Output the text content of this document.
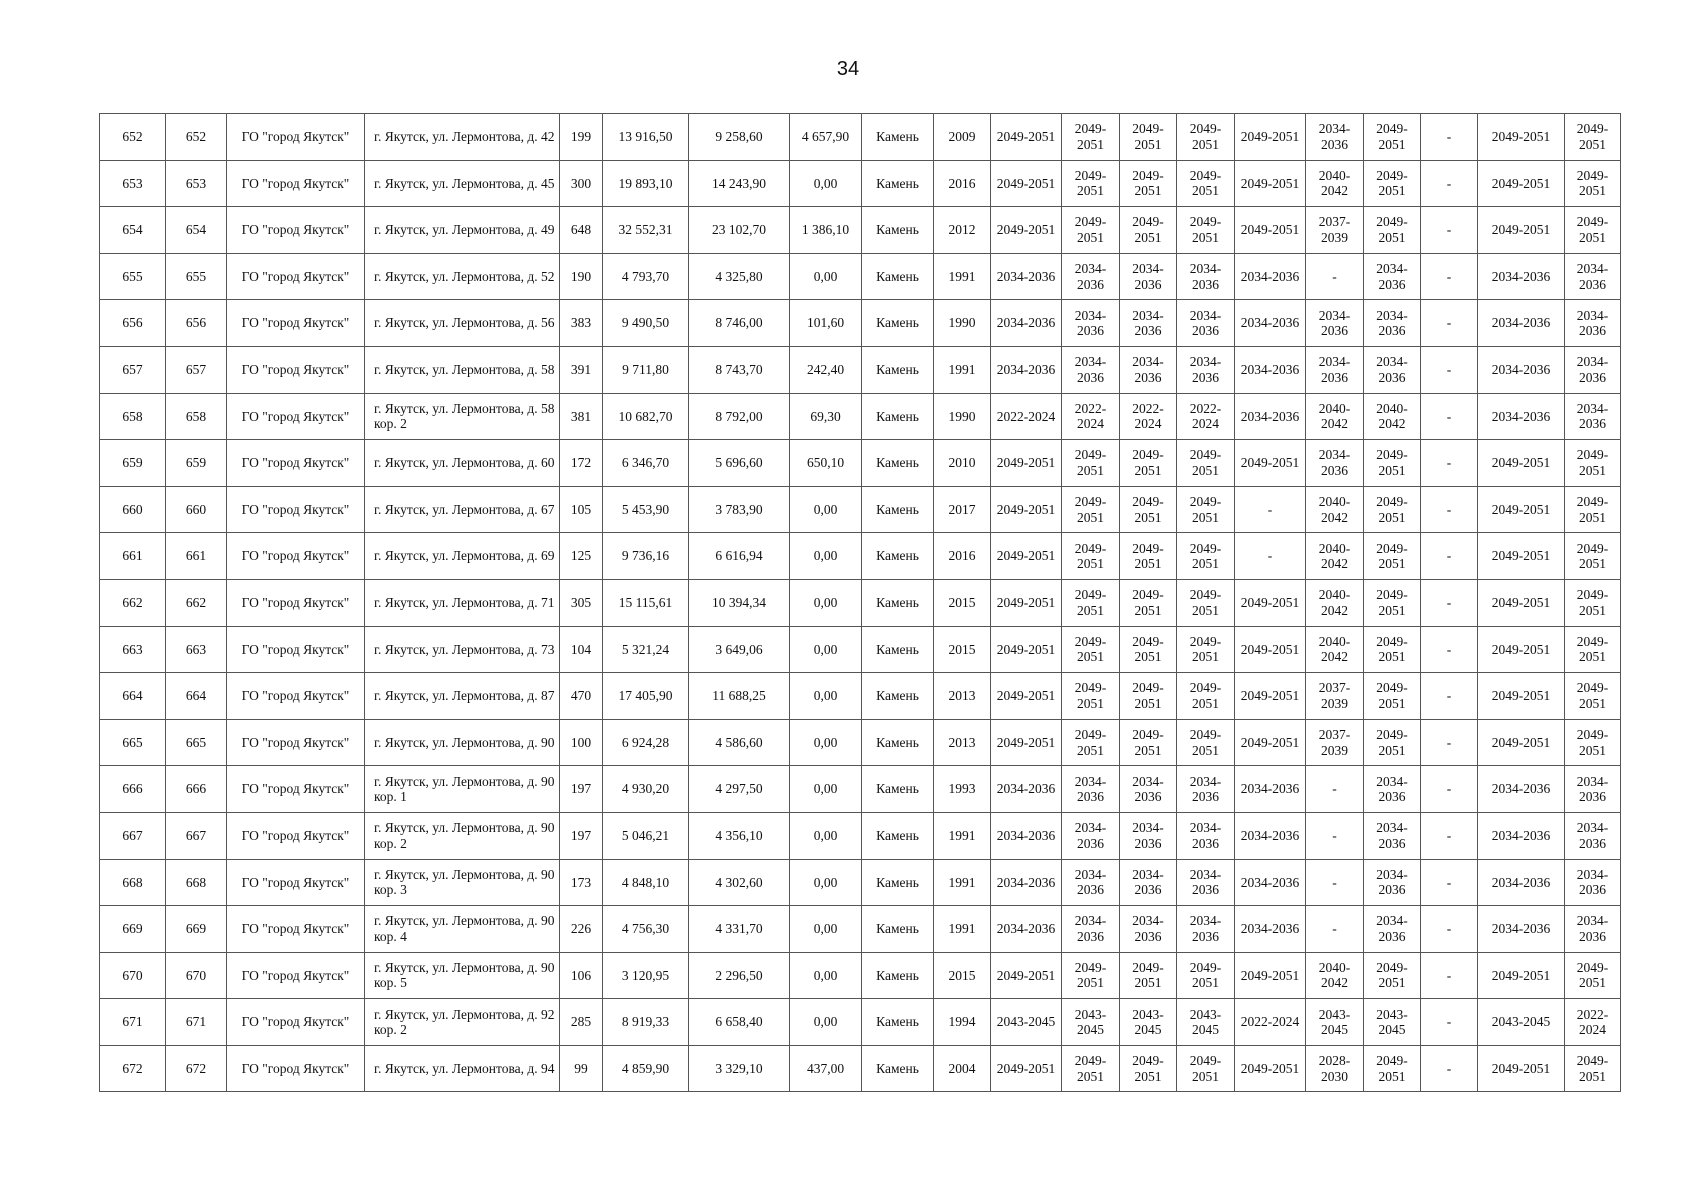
34
652	652	ГО "город Якутск"	г. Якутск, ул. Лермонтова, д. 42	199	13 916,50	9 258,60	4 657,90	Камень	2009	2049-2051	2049-2051	2049-2051	2049-2051	2049-2051	2034-2036	2049-2051	-	2049-2051	2049-2051
653	653	ГО "город Якутск"	г. Якутск, ул. Лермонтова, д. 45	300	19 893,10	14 243,90	0,00	Камень	2016	2049-2051	2049-2051	2049-2051	2049-2051	2049-2051	2040-2042	2049-2051	-	2049-2051	2049-2051
654	654	ГО "город Якутск"	г. Якутск, ул. Лермонтова, д. 49	648	32 552,31	23 102,70	1 386,10	Камень	2012	2049-2051	2049-2051	2049-2051	2049-2051	2049-2051	2037-2039	2049-2051	-	2049-2051	2049-2051
655	655	ГО "город Якутск"	г. Якутск, ул. Лермонтова, д. 52	190	4 793,70	4 325,80	0,00	Камень	1991	2034-2036	2034-2036	2034-2036	2034-2036	2034-2036	-	2034-2036	-	2034-2036	2034-2036
656	656	ГО "город Якутск"	г. Якутск, ул. Лермонтова, д. 56	383	9 490,50	8 746,00	101,60	Камень	1990	2034-2036	2034-2036	2034-2036	2034-2036	2034-2036	2034-2036	2034-2036	-	2034-2036	2034-2036
657	657	ГО "город Якутск"	г. Якутск, ул. Лермонтова, д. 58	391	9 711,80	8 743,70	242,40	Камень	1991	2034-2036	2034-2036	2034-2036	2034-2036	2034-2036	2034-2036	2034-2036	-	2034-2036	2034-2036
658	658	ГО "город Якутск"	г. Якутск, ул. Лермонтова, д. 58 кор. 2	381	10 682,70	8 792,00	69,30	Камень	1990	2022-2024	2022-2024	2022-2024	2022-2024	2034-2036	2040-2042	2040-2042	-	2034-2036	2034-2036
659	659	ГО "город Якутск"	г. Якутск, ул. Лермонтова, д. 60	172	6 346,70	5 696,60	650,10	Камень	2010	2049-2051	2049-2051	2049-2051	2049-2051	2049-2051	2034-2036	2049-2051	-	2049-2051	2049-2051
660	660	ГО "город Якутск"	г. Якутск, ул. Лермонтова, д. 67	105	5 453,90	3 783,90	0,00	Камень	2017	2049-2051	2049-2051	2049-2051	2049-2051	-	2040-2042	2049-2051	-	2049-2051	2049-2051
661	661	ГО "город Якутск"	г. Якутск, ул. Лермонтова, д. 69	125	9 736,16	6 616,94	0,00	Камень	2016	2049-2051	2049-2051	2049-2051	2049-2051	-	2040-2042	2049-2051	-	2049-2051	2049-2051
662	662	ГО "город Якутск"	г. Якутск, ул. Лермонтова, д. 71	305	15 115,61	10 394,34	0,00	Камень	2015	2049-2051	2049-2051	2049-2051	2049-2051	2049-2051	2040-2042	2049-2051	-	2049-2051	2049-2051
663	663	ГО "город Якутск"	г. Якутск, ул. Лермонтова, д. 73	104	5 321,24	3 649,06	0,00	Камень	2015	2049-2051	2049-2051	2049-2051	2049-2051	2049-2051	2040-2042	2049-2051	-	2049-2051	2049-2051
664	664	ГО "город Якутск"	г. Якутск, ул. Лермонтова, д. 87	470	17 405,90	11 688,25	0,00	Камень	2013	2049-2051	2049-2051	2049-2051	2049-2051	2049-2051	2037-2039	2049-2051	-	2049-2051	2049-2051
665	665	ГО "город Якутск"	г. Якутск, ул. Лермонтова, д. 90	100	6 924,28	4 586,60	0,00	Камень	2013	2049-2051	2049-2051	2049-2051	2049-2051	2049-2051	2037-2039	2049-2051	-	2049-2051	2049-2051
666	666	ГО "город Якутск"	г. Якутск, ул. Лермонтова, д. 90 кор. 1	197	4 930,20	4 297,50	0,00	Камень	1993	2034-2036	2034-2036	2034-2036	2034-2036	2034-2036	-	2034-2036	-	2034-2036	2034-2036
667	667	ГО "город Якутск"	г. Якутск, ул. Лермонтова, д. 90 кор. 2	197	5 046,21	4 356,10	0,00	Камень	1991	2034-2036	2034-2036	2034-2036	2034-2036	2034-2036	-	2034-2036	-	2034-2036	2034-2036
668	668	ГО "город Якутск"	г. Якутск, ул. Лермонтова, д. 90 кор. 3	173	4 848,10	4 302,60	0,00	Камень	1991	2034-2036	2034-2036	2034-2036	2034-2036	2034-2036	-	2034-2036	-	2034-2036	2034-2036
669	669	ГО "город Якутск"	г. Якутск, ул. Лермонтова, д. 90 кор. 4	226	4 756,30	4 331,70	0,00	Камень	1991	2034-2036	2034-2036	2034-2036	2034-2036	2034-2036	-	2034-2036	-	2034-2036	2034-2036
670	670	ГО "город Якутск"	г. Якутск, ул. Лермонтова, д. 90 кор. 5	106	3 120,95	2 296,50	0,00	Камень	2015	2049-2051	2049-2051	2049-2051	2049-2051	2049-2051	2040-2042	2049-2051	-	2049-2051	2049-2051
671	671	ГО "город Якутск"	г. Якутск, ул. Лермонтова, д. 92 кор. 2	285	8 919,33	6 658,40	0,00	Камень	1994	2043-2045	2043-2045	2043-2045	2043-2045	2022-2024	2043-2045	2043-2045	-	2043-2045	2022-2024
672	672	ГО "город Якутск"	г. Якутск, ул. Лермонтова, д. 94	99	4 859,90	3 329,10	437,00	Камень	2004	2049-2051	2049-2051	2049-2051	2049-2051	2049-2051	2028-2030	2049-2051	-	2049-2051	2049-2051
